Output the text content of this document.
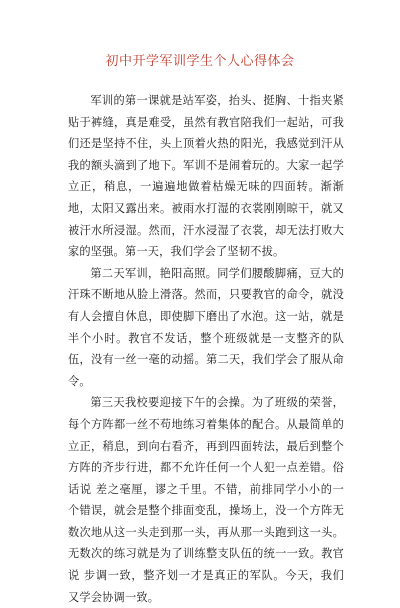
初中开学军训学生个人心得体会

军训的第一课就是站军姿，抬头、挺胸、十指夹紧贴于裤缝，真是难受，虽然有教官陪我们一起站，可我们还是坚持不住，头上顶着火热的阳光，我感觉到汗从我的额头滴到了地下。军训不是闹着玩的。大家一起学立正，稍息，一遍遍地做着枯燥无味的四面转。渐渐地，太阳又露出来。被雨水打湿的衣裳刚刚晾干，就又被汗水所浸湿。然而，汗水浸湿了衣裳，却无法打败大家的坚强。第一天，我们学会了坚韧不拔。

第二天军训，艳阳高照。同学们腰酸脚痛，豆大的汗珠不断地从脸上滑落。然而，只要教官的命令，就没有人会擅自休息，即使脚下磨出了水泡。这一站，就是半个小时。教官不发话，整个班级就是一支整齐的队伍，没有一丝一毫的动摇。第二天，我们学会了服从命令。

第三天我校要迎接下午的会操。为了班级的荣誉，每个方阵都一丝不苟地练习着集体的配合。从最简单的立正，稍息，到向右看齐，再到四面转法，最后到整个方阵的齐步行进，都不允许任何一个人犯一点差错。俗话说 差之毫厘，谬之千里。不错，前排同学小小的一个错误，就会是整个排面变乱，操场上，没一个方阵无数次地从这一头走到那一头，再从那一头跑到这一头。无数次的练习就是为了训练整支队伍的统一一致。教官说 步调一致，整齐划一才是真正的军队。今天，我们又学会协调一致。
